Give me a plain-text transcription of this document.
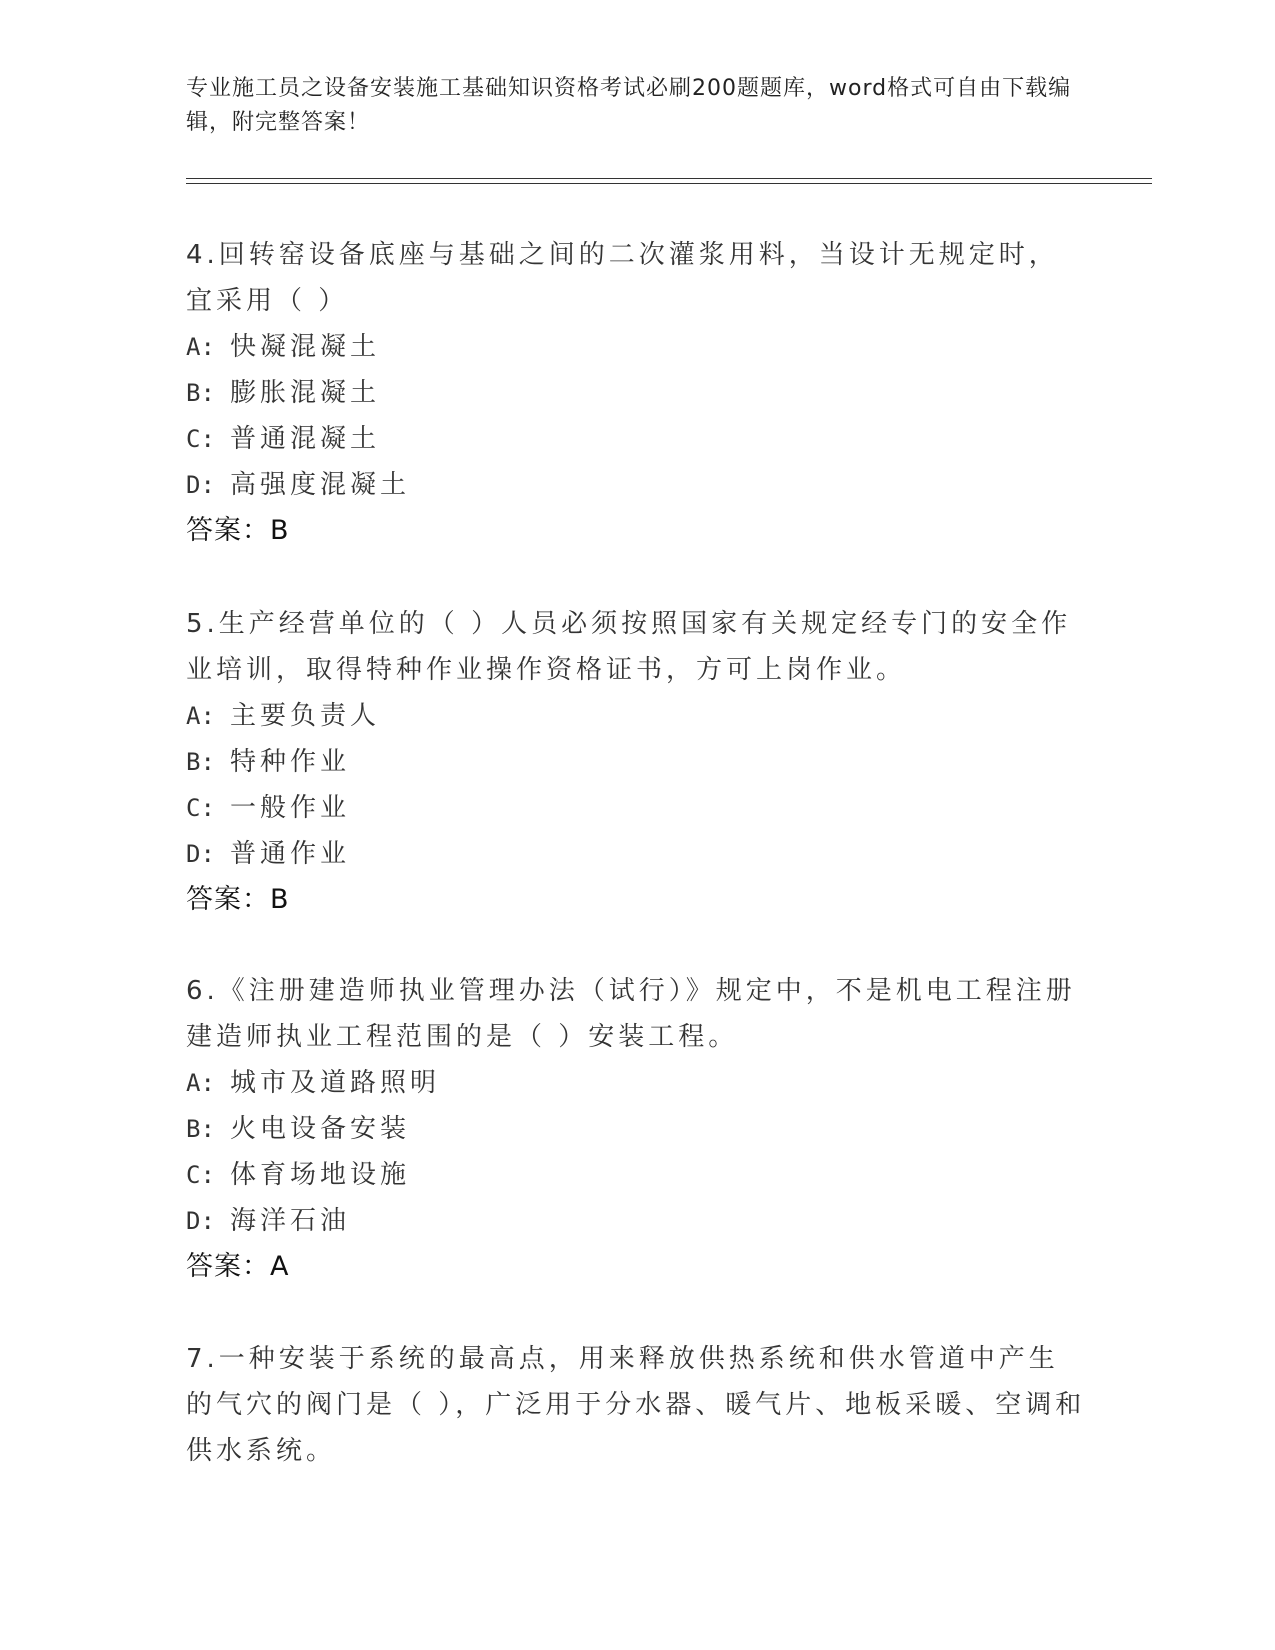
专业施工员之设备安装施工基础知识资格考试必刷200题题库，word格式可自由下载编辑，附完整答案！

4.回转窑设备底座与基础之间的二次灌浆用料，当设计无规定时，宜采用（ ）

A: 快凝混凝土

B: 膨胀混凝土

C: 普通混凝土

D: 高强度混凝土

答案：B

5.生产经营单位的（ ）人员必须按照国家有关规定经专门的安全作业培训，取得特种作业操作资格证书，方可上岗作业。

A: 主要负责人

B: 特种作业

C: 一般作业

D: 普通作业

答案：B

6.《注册建造师执业管理办法（试行）》规定中，不是机电工程注册建造师执业工程范围的是（ ）安装工程。

A: 城市及道路照明

B: 火电设备安装

C: 体育场地设施

D: 海洋石油

答案：A

7.一种安装于系统的最高点，用来释放供热系统和供水管道中产生的气穴的阀门是（ ），广泛用于分水器、暖气片、地板采暖、空调和供水系统。
